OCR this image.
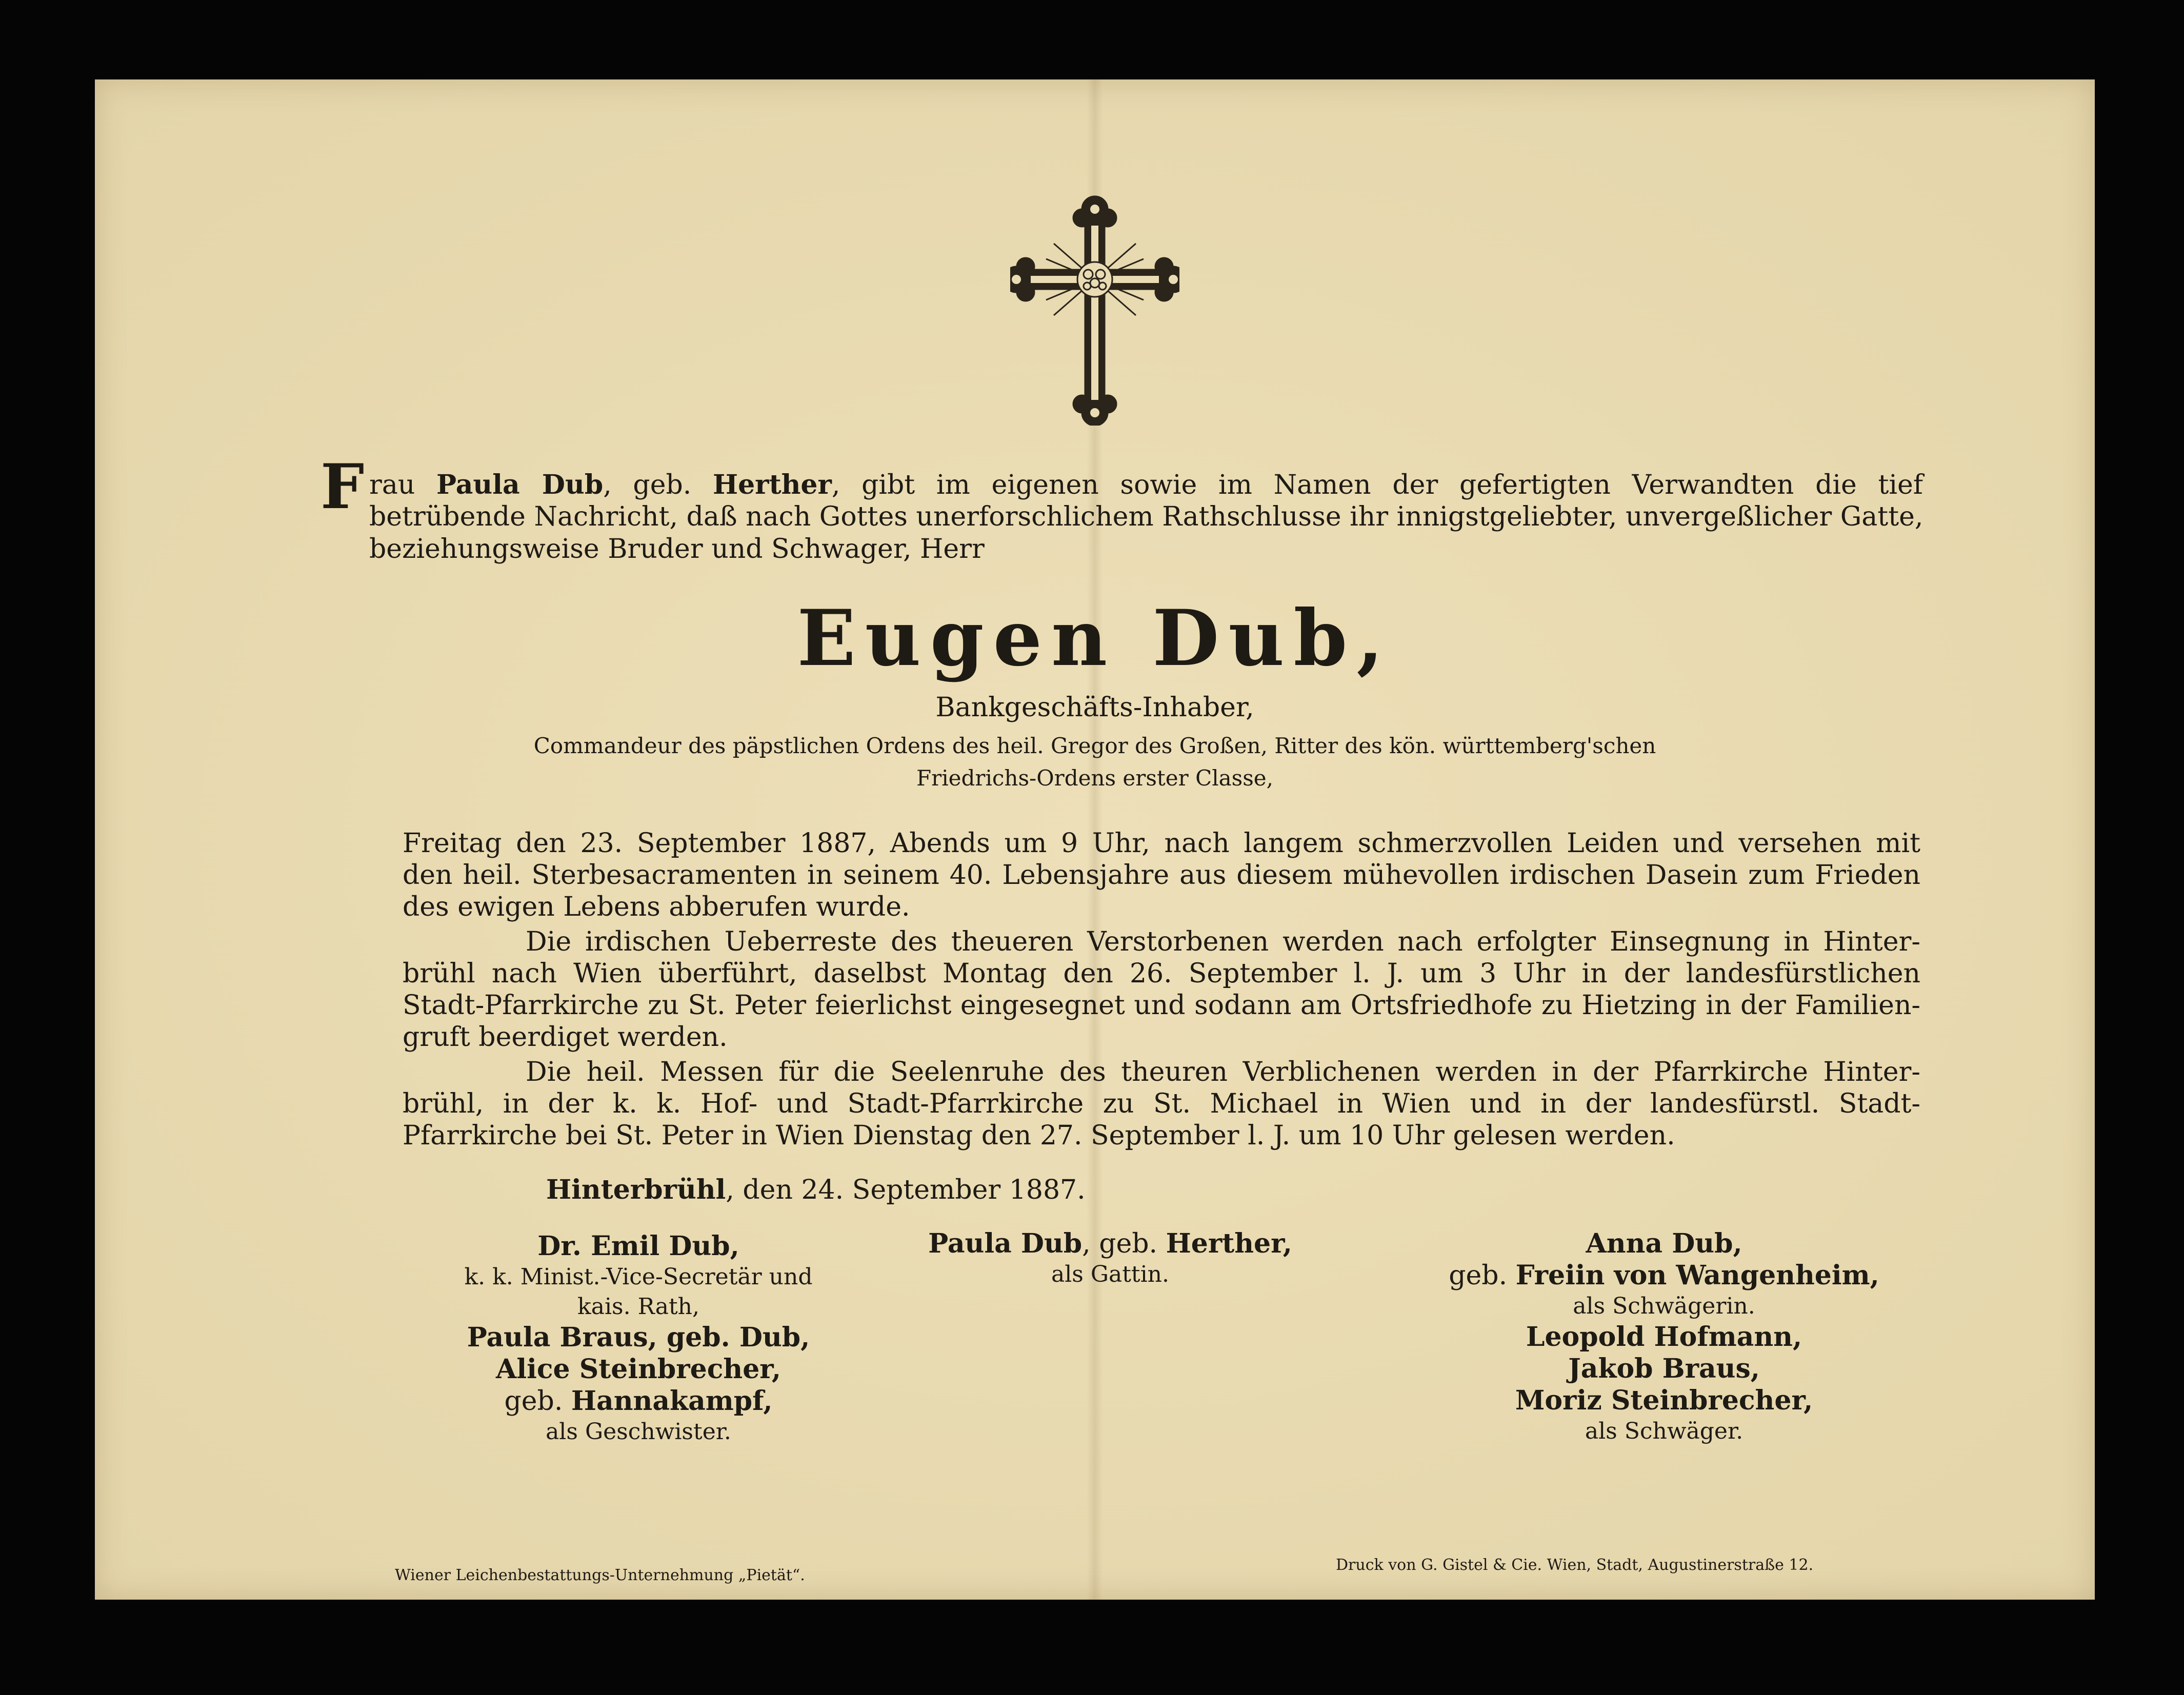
F rau Paula Dub, geb. Herther, gibt im eigenen sowie im Namen der gefertigten Verwandten die tief
betrübende Nachricht, daß nach Gottes unerforschlichem Rathschlusse ihr innigstgeliebter, unvergeßlicher Gatte,
beziehungsweise Bruder und Schwager, Herr
Eugen Dub,
Bankgeschäfts-Inhaber,
Commandeur des päpstlichen Ordens des heil. Gregor des Großen, Ritter des kön. württemberg'schen
Friedrichs-Ordens erster Classe,
Freitag den 23. September 1887, Abends um 9 Uhr, nach langem schmerzvollen Leiden und versehen mit
den heil. Sterbesacramenten in seinem 40. Lebensjahre aus diesem mühevollen irdischen Dasein zum Frieden
des ewigen Lebens abberufen wurde.
Die irdischen Ueberreste des theueren Verstorbenen werden nach erfolgter Einsegnung in Hinter-
brühl nach Wien überführt, daselbst Montag den 26. September l. J. um 3 Uhr in der landesfürstlichen
Stadt-Pfarrkirche zu St. Peter feierlichst eingesegnet und sodann am Ortsfriedhofe zu Hietzing in der Familien-
gruft beerdiget werden.
Die heil. Messen für die Seelenruhe des theuren Verblichenen werden in der Pfarrkirche Hinter-
brühl, in der k. k. Hof- und Stadt-Pfarrkirche zu St. Michael in Wien und in der landesfürstl. Stadt-
Pfarrkirche bei St. Peter in Wien Dienstag den 27. September l. J. um 10 Uhr gelesen werden.
Hinterbrühl, den 24. September 1887.
Dr. Emil Dub,
k. k. Minist.-Vice-Secretär und
kais. Rath,
Paula Braus, geb. Dub,
Alice Steinbrecher,
geb. Hannakampf,
als Geschwister.
Paula Dub, geb. Herther,
als Gattin.
Anna Dub,
geb. Freiin von Wangenheim,
als Schwägerin.
Leopold Hofmann,
Jakob Braus,
Moriz Steinbrecher,
als Schwäger.
Wiener Leichenbestattungs-Unternehmung „Pietät“.
Druck von G. Gistel & Cie. Wien, Stadt, Augustinerstraße 12.
